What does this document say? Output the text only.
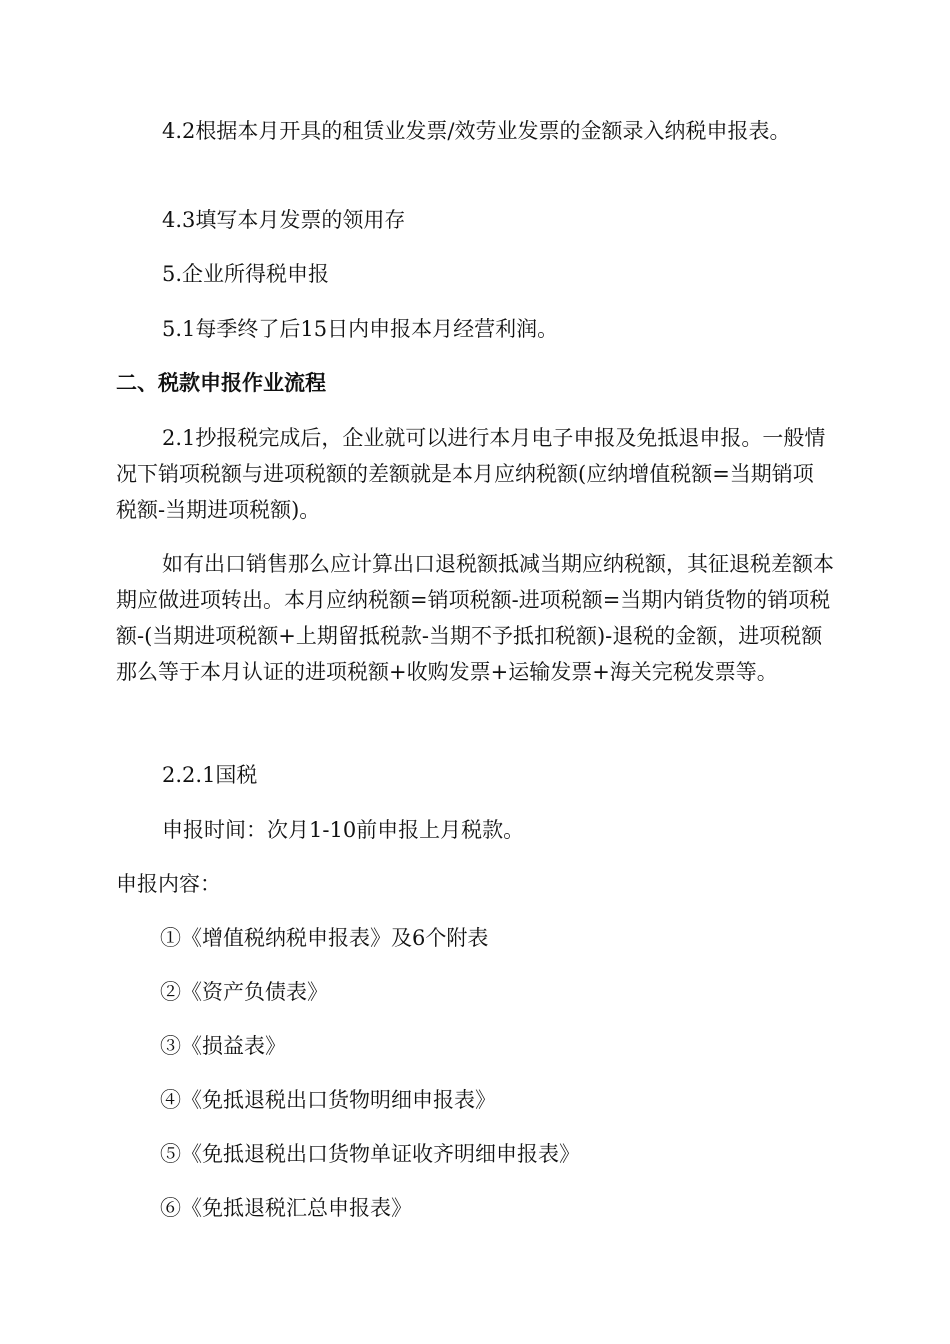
4.2根据本月开具的租赁业发票/效劳业发票的金额录入纳税申报表。

4.3填写本月发票的领用存

5.企业所得税申报

5.1每季终了后15日内申报本月经营利润。

二、税款申报作业流程

2.1抄报税完成后，企业就可以进行本月电子申报及免抵退申报。一般情况下销项税额与进项税额的差额就是本月应纳税额(应纳增值税额=当期销项税额-当期进项税额)。

如有出口销售那么应计算出口退税额抵减当期应纳税额，其征退税差额本期应做进项转出。本月应纳税额=销项税额-进项税额=当期内销货物的销项税额-(当期进项税额+上期留抵税款-当期不予抵扣税额)-退税的金额，进项税额那么等于本月认证的进项税额+收购发票+运输发票+海关完税发票等。

2.2.1国税

申报时间：次月1-10前申报上月税款。

申报内容：

①《增值税纳税申报表》及6个附表

②《资产负债表》

③《损益表》

④《免抵退税出口货物明细申报表》

⑤《免抵退税出口货物单证收齐明细申报表》

⑥《免抵退税汇总申报表》
